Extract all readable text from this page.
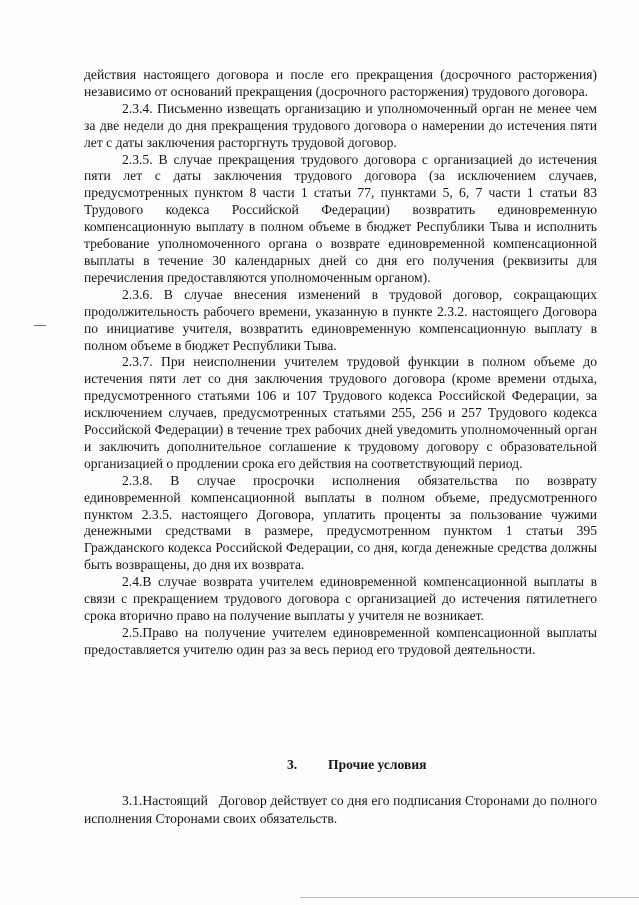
действия настоящего договора и после его прекращения (досрочного расторжения) независимо от оснований прекращения (досрочного расторжения) трудового договора.

2.3.4. Письменно извещать организацию и уполномоченный орган не менее чем за две недели до дня прекращения трудового договора о намерении до истечения пяти лет с даты заключения расторгнуть трудовой договор.

2.3.5. В случае прекращения трудового договора с организацией до истечения пяти лет с даты заключения трудового договора (за исключением случаев, предусмотренных пунктом 8 части 1 статьи 77, пунктами 5, 6, 7 части 1 статьи 83 Трудового кодекса Российской Федерации) возвратить единовременную компенсационную выплату в полном объеме в бюджет Республики Тыва и исполнить требование уполномоченного органа о возврате единовременной компенсационной выплаты в течение 30 календарных дней со дня его получения (реквизиты для перечисления предоставляются уполномоченным органом).

2.3.6. В случае внесения изменений в трудовой договор, сокращающих продолжительность рабочего времени, указанную в пункте 2.3.2. настоящего Договора по инициативе учителя, возвратить единовременную компенсационную выплату в полном объеме в бюджет Республики Тыва.

2.3.7. При неисполнении учителем трудовой функции в полном объеме до истечения пяти лет со дня заключения трудового договора (кроме времени отдыха, предусмотренного статьями 106 и 107 Трудового кодекса Российской Федерации, за исключением случаев, предусмотренных статьями 255, 256 и 257 Трудового кодекса Российской Федерации) в течение трех рабочих дней уведомить уполномоченный орган и заключить дополнительное соглашение к трудовому договору с образовательной организацией о продлении срока его действия на соответствующий период.

2.3.8. В случае просрочки исполнения обязательства по возврату единовременной компенсационной выплаты в полном объеме, предусмотренного пунктом 2.3.5. настоящего Договора, уплатить проценты за пользование чужими денежными средствами в размере, предусмотренном пунктом 1 статьи 395 Гражданского кодекса Российской Федерации, со дня, когда денежные средства должны быть возвращены, до дня их возврата.

2.4.В случае возврата учителем единовременной компенсационной выплаты в связи с прекращением трудового договора с организацией до истечения пятилетнего срока вторично право на получение выплаты у учителя не возникает.

2.5.Право на получение учителем единовременной компенсационной выплаты предоставляется учителю один раз за весь период его трудовой деятельности.

3.

Прочие условия

3.1.Настоящий   Договор действует со дня его подписания Сторонами до полного исполнения Сторонами своих обязательств.
